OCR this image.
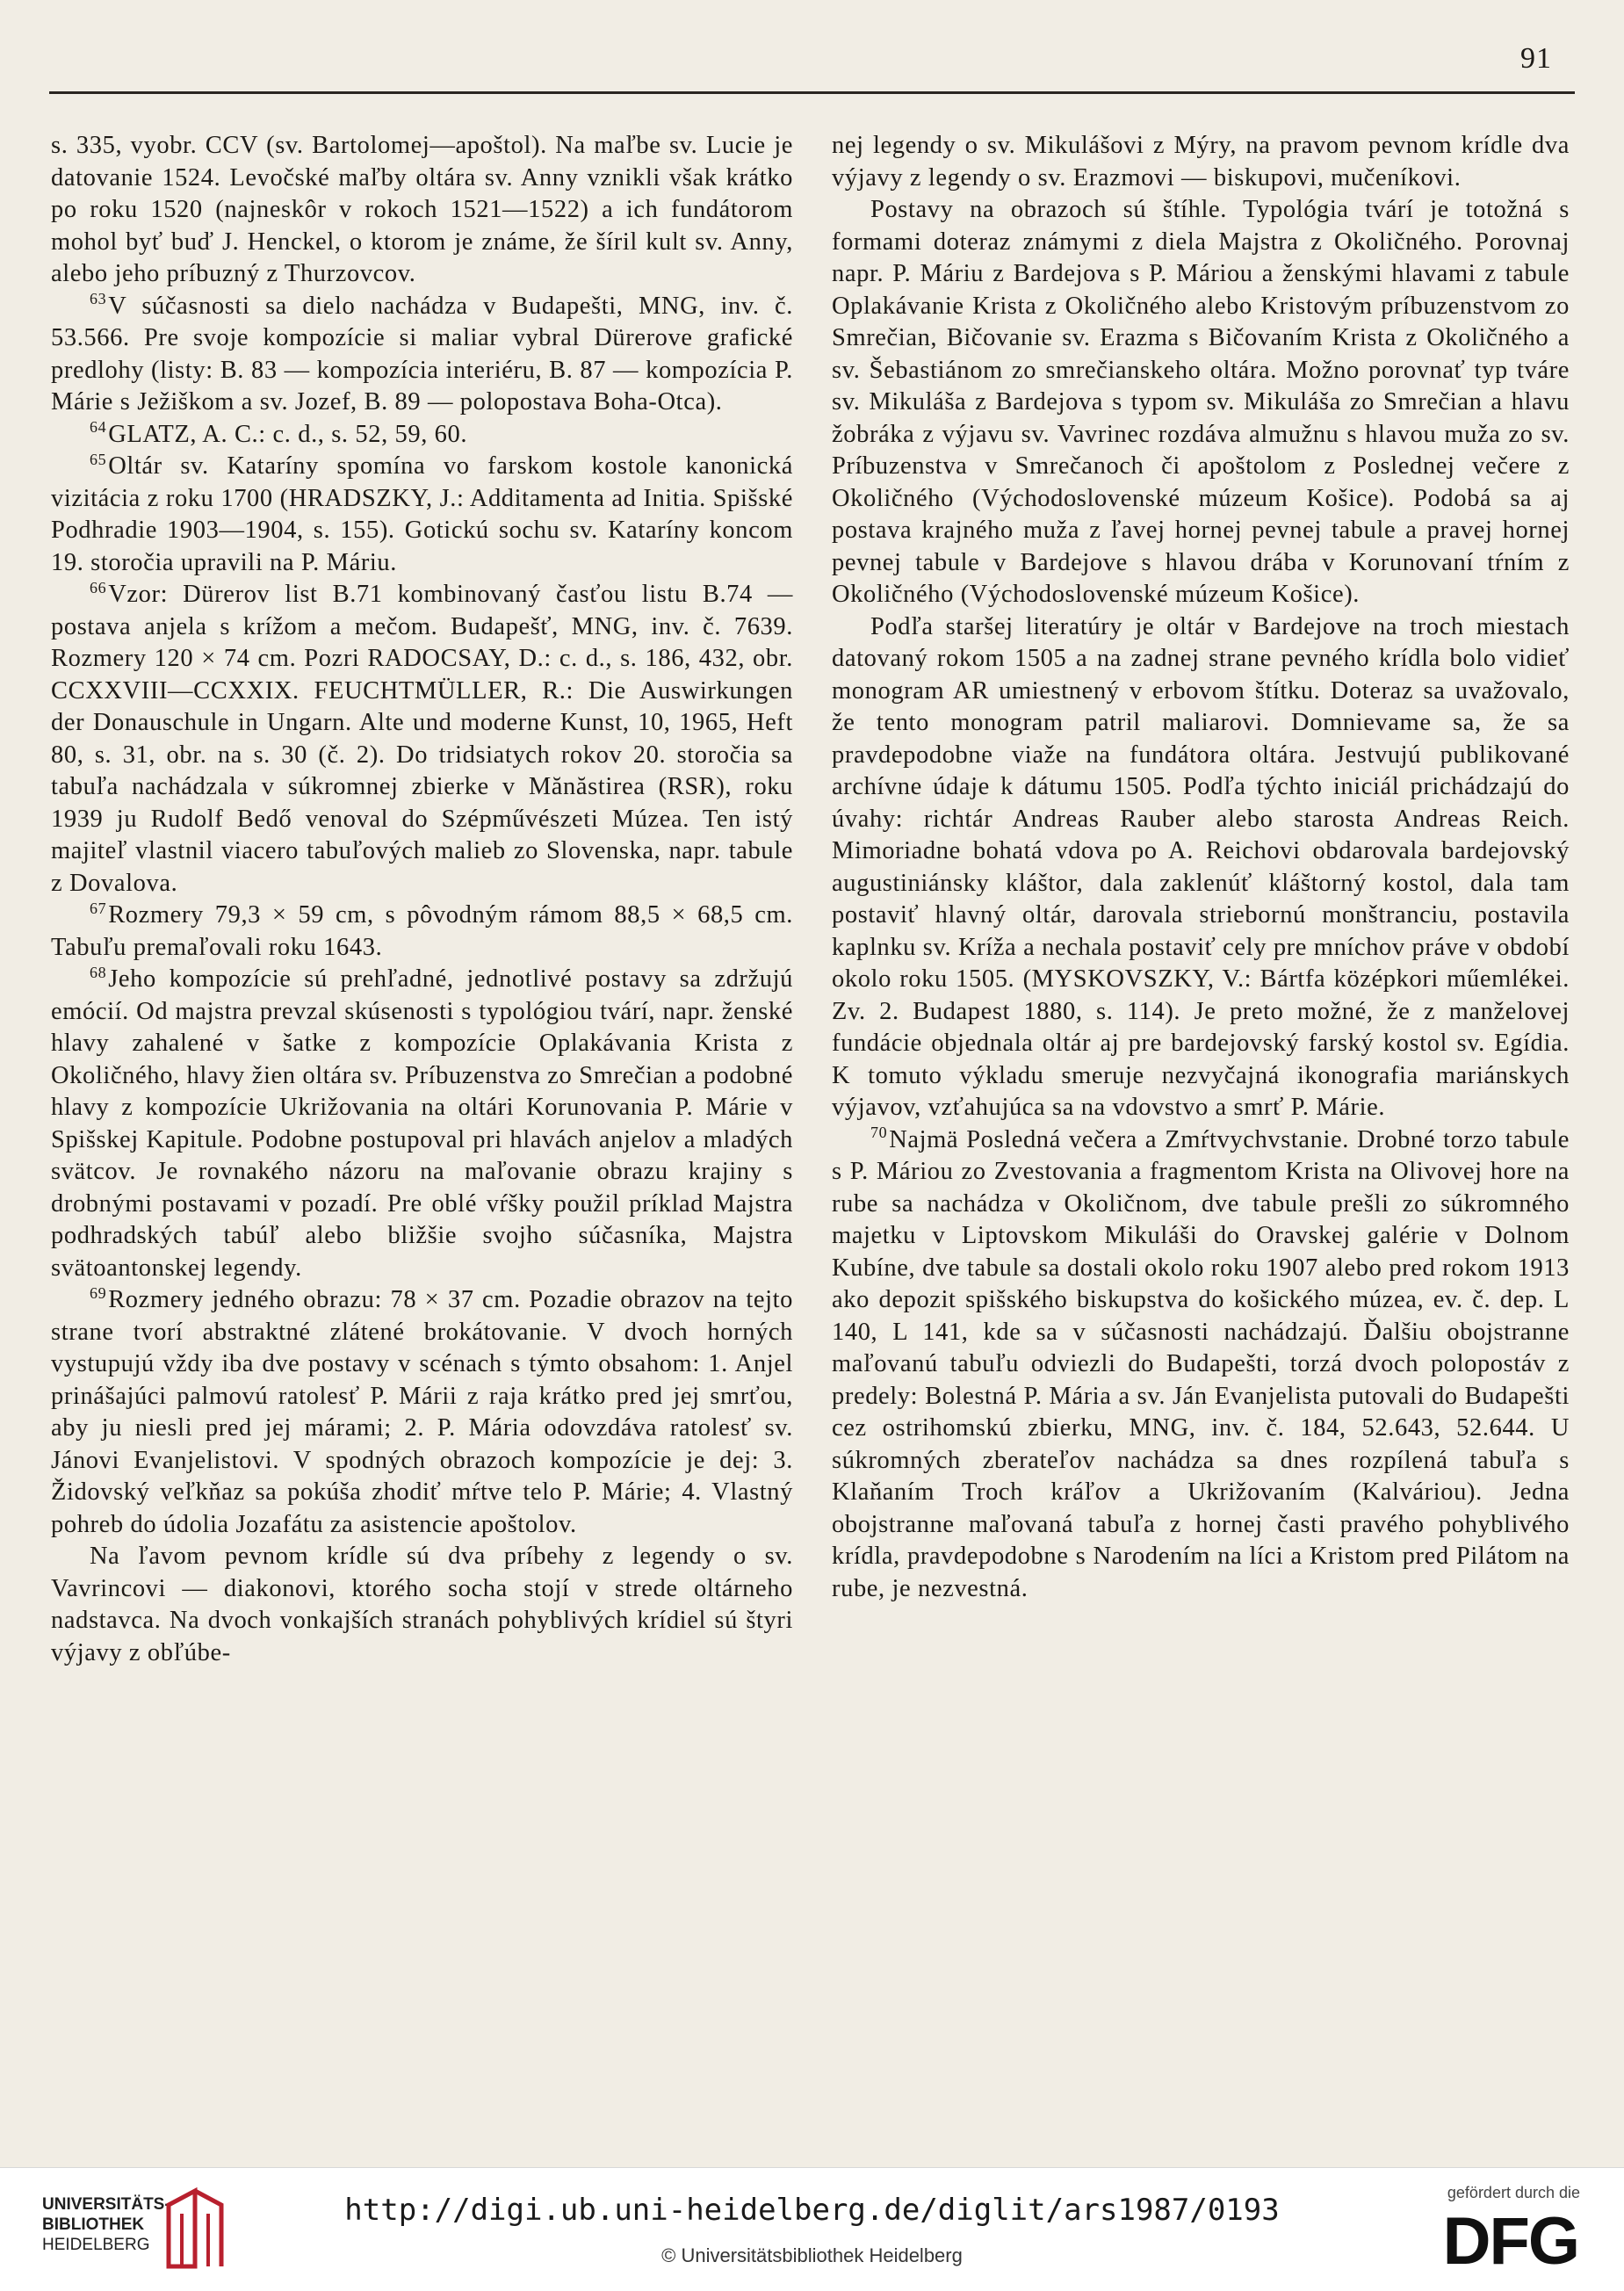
91

s. 335, vyobr. CCV (sv. Bartolomej—apoštol). Na maľbe sv. Lucie je datovanie 1524. Levočské maľby oltára sv. Anny vznikli však krátko po roku 1520 (najneskôr v rokoch 1521—1522) a ich fundátorom mohol byť buď J. Henckel, o ktorom je známe, že šíril kult sv. Anny, alebo jeho príbuzný z Thurzovcov.

$^{63}$V súčasnosti sa dielo nachádza v Budapešti, MNG, inv. č. 53.566. Pre svoje kompozície si maliar vybral Dürerove grafické predlohy (listy: B. 83 — kompozícia interiéru, B. 87 — kompozícia P. Márie s Ježiškom a sv. Jozef, B. 89 — polopostava Boha-Otca).

$^{64}$GLATZ, A. C.: c. d., s. 52, 59, 60.

$^{65}$Oltár sv. Kataríny spomína vo farskom kostole kanonická vizitácia z roku 1700 (HRADSZKY, J.: Additamenta ad Initia. Spišské Podhradie 1903—1904, s. 155). Gotickú sochu sv. Kataríny koncom 19. storočia upravili na P. Máriu.

$^{66}$Vzor: Dürerov list B.71 kombinovaný časťou listu B.74 — postava anjela s krížom a mečom. Budapešť, MNG, inv. č. 7639. Rozmery 120 × 74 cm. Pozri RADOCSAY, D.: c. d., s. 186, 432, obr. CCXXVIII—CCXXIX. FEUCHTMÜLLER, R.: Die Auswirkungen der Donauschule in Ungarn. Alte und moderne Kunst, 10, 1965, Heft 80, s. 31, obr. na s. 30 (č. 2). Do tridsiatych rokov 20. storočia sa tabuľa nachádzala v súkromnej zbierke v Mănăstirea (RSR), roku 1939 ju Rudolf Bedő venoval do Szépművészeti Múzea. Ten istý majiteľ vlastnil viacero tabuľových malieb zo Slovenska, napr. tabule z Dovalova.

$^{67}$Rozmery 79,3 × 59 cm, s pôvodným rámom 88,5 × 68,5 cm. Tabuľu premaľovali roku 1643.

$^{68}$Jeho kompozície sú prehľadné, jednotlivé postavy sa zdržujú emócií. Od majstra prevzal skúsenosti s typológiou tvárí, napr. ženské hlavy zahalené v šatke z kompozície Oplakávania Krista z Okoličného, hlavy žien oltára sv. Príbuzenstva zo Smrečian a podobné hlavy z kompozície Ukrižovania na oltári Korunovania P. Márie v Spišskej Kapitule. Podobne postupoval pri hlavách anjelov a mladých svätcov. Je rovnakého názoru na maľovanie obrazu krajiny s drobnými postavami v pozadí. Pre oblé vŕšky použil príklad Majstra podhradských tabúľ alebo bližšie svojho súčasníka, Majstra svätoantonskej legendy.

$^{69}$Rozmery jedného obrazu: 78 × 37 cm. Pozadie obrazov na tejto strane tvorí abstraktné zlátené brokátovanie. V dvoch horných vystupujú vždy iba dve postavy v scénach s týmto obsahom: 1. Anjel prinášajúci palmovú ratolesť P. Márii z raja krátko pred jej smrťou, aby ju niesli pred jej márami; 2. P. Mária odovzdáva ratolesť sv. Jánovi Evanjelistovi. V spodných obrazoch kompozície je dej: 3. Židovský veľkňaz sa pokúša zhodiť mŕtve telo P. Márie; 4. Vlastný pohreb do údolia Jozafátu za asistencie apoštolov.

Na ľavom pevnom krídle sú dva príbehy z legendy o sv. Vavrincovi — diakonovi, ktorého socha stojí v strede oltárneho nadstavca. Na dvoch vonkajších stranách pohyblivých krídiel sú štyri výjavy z obľúbe-

nej legendy o sv. Mikulášovi z Mýry, na pravom pevnom krídle dva výjavy z legendy o sv. Erazmovi — biskupovi, mučeníkovi.

Postavy na obrazoch sú štíhle. Typológia tvárí je totožná s formami doteraz známymi z diela Majstra z Okoličného. Porovnaj napr. P. Máriu z Bardejova s P. Máriou a ženskými hlavami z tabule Oplakávanie Krista z Okoličného alebo Kristovým príbuzenstvom zo Smrečian, Bičovanie sv. Erazma s Bičovaním Krista z Okoličného a sv. Šebastiánom zo smrečianskeho oltára. Možno porovnať typ tváre sv. Mikuláša z Bardejova s typom sv. Mikuláša zo Smrečian a hlavu žobráka z výjavu sv. Vavrinec rozdáva almužnu s hlavou muža zo sv. Príbuzenstva v Smrečanoch či apoštolom z Poslednej večere z Okoličného (Východoslovenské múzeum Košice). Podobá sa aj postava krajného muža z ľavej hornej pevnej tabule a pravej hornej pevnej tabule v Bardejove s hlavou drába v Korunovaní tŕním z Okoličného (Východoslovenské múzeum Košice).

Podľa staršej literatúry je oltár v Bardejove na troch miestach datovaný rokom 1505 a na zadnej strane pevného krídla bolo vidieť monogram AR umiestnený v erbovom štítku. Doteraz sa uvažovalo, že tento monogram patril maliarovi. Domnievame sa, že sa pravdepodobne viaže na fundátora oltára. Jestvujú publikované archívne údaje k dátumu 1505. Podľa týchto iniciál prichádzajú do úvahy: richtár Andreas Rauber alebo starosta Andreas Reich. Mimoriadne bohatá vdova po A. Reichovi obdarovala bardejovský augustiniánsky kláštor, dala zaklenúť kláštorný kostol, dala tam postaviť hlavný oltár, darovala striebornú monštranciu, postavila kaplnku sv. Kríža a nechala postaviť cely pre mníchov práve v období okolo roku 1505. (MYSKOVSZKY, V.: Bártfa középkori műemlékei. Zv. 2. Budapest 1880, s. 114). Je preto možné, že z manželovej fundácie objednala oltár aj pre bardejovský farský kostol sv. Egídia. K tomuto výkladu smeruje nezvyčajná ikonografia mariánskych výjavov, vzťahujúca sa na vdovstvo a smrť P. Márie.

$^{70}$Najmä Posledná večera a Zmŕtvychvstanie. Drobné torzo tabule s P. Máriou zo Zvestovania a fragmentom Krista na Olivovej hore na rube sa nachádza v Okoličnom, dve tabule prešli zo súkromného majetku v Liptovskom Mikuláši do Oravskej galérie v Dolnom Kubíne, dve tabule sa dostali okolo roku 1907 alebo pred rokom 1913 ako depozit spišského biskupstva do košického múzea, ev. č. dep. L 140, L 141, kde sa v súčasnosti nachádzajú. Ďalšiu obojstranne maľovanú tabuľu odviezli do Budapešti, torzá dvoch polopostáv z predely: Bolestná P. Mária a sv. Ján Evanjelista putovali do Budapešti cez ostrihomskú zbierku, MNG, inv. č. 184, 52.643, 52.644. U súkromných zberateľov nachádza sa dnes rozpílená tabuľa s Klaňaním Troch kráľov a Ukrižovaním (Kalváriou). Jedna obojstranne maľovaná tabuľa z hornej časti pravého pohyblivého krídla, pravdepodobne s Narodením na líci a Kristom pred Pilátom na rube, je nezvestná.

UNIVERSITÄTS-
BIBLIOTHEK
HEIDELBERG
http://digi.ub.uni-heidelberg.de/diglit/ars1987/0193
© Universitätsbibliothek Heidelberg
gefördert durch die
DFG
